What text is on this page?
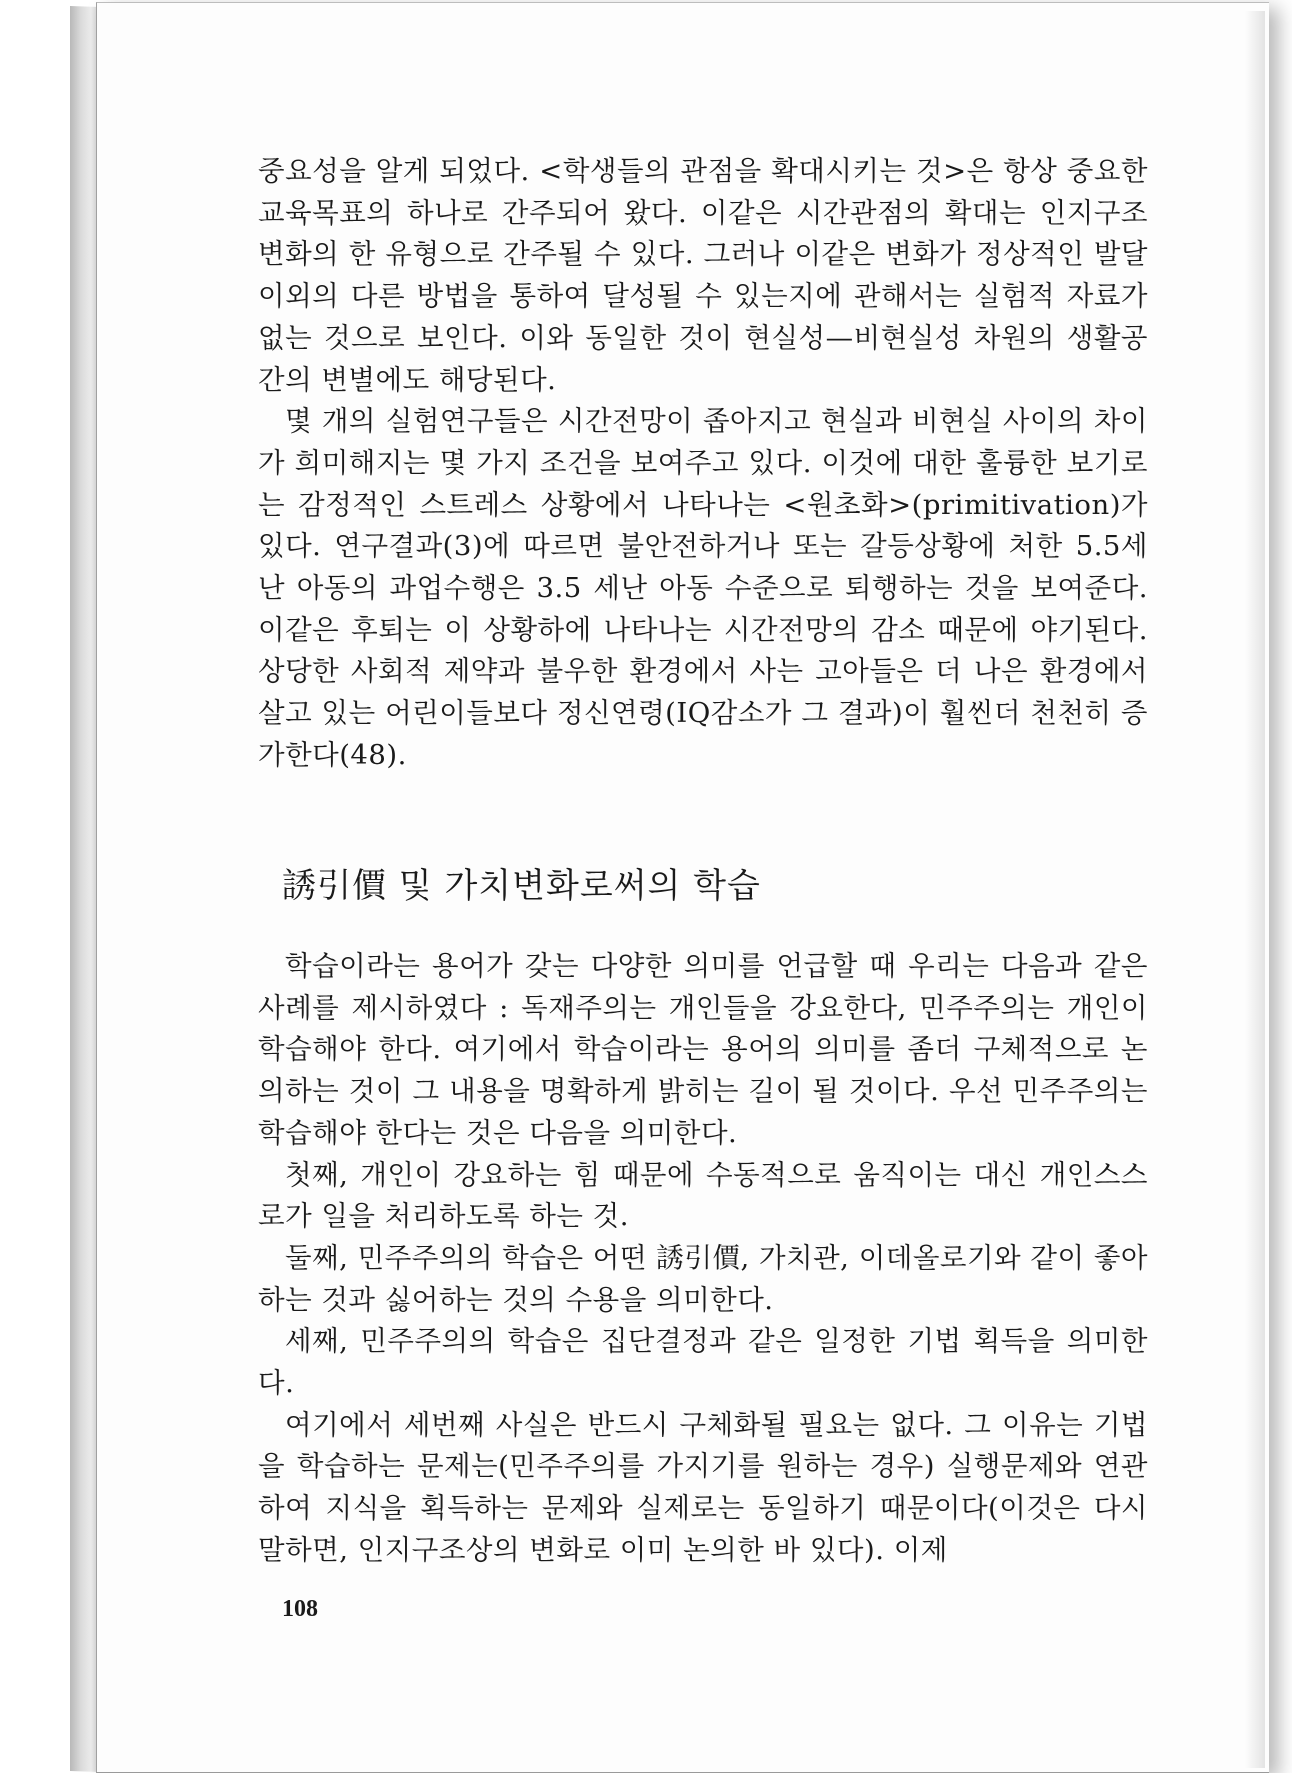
중요성을 알게 되었다. <학생들의 관점을 확대시키는 것>은 항상 중요한 교육목표의 하나로 간주되어 왔다. 이같은 시간관점의 확대는 인지구조 변화의 한 유형으로 간주될 수 있다. 그러나 이같은 변화가 정상적인 발달 이외의 다른 방법을 통하여 달성될 수 있는지에 관해서는 실험적 자료가 없는 것으로 보인다. 이와 동일한 것이 현실성—비현실성 차원의 생활공간의 변별에도 해당된다.

몇 개의 실험연구들은 시간전망이 좁아지고 현실과 비현실 사이의 차이가 희미해지는 몇 가지 조건을 보여주고 있다. 이것에 대한 훌륭한 보기로는 감정적인 스트레스 상황에서 나타나는 <원초화>(primitivation)가 있다. 연구결과(3)에 따르면 불안전하거나 또는 갈등상황에 처한 5.5세 난 아동의 과업수행은 3.5 세난 아동 수준으로 퇴행하는 것을 보여준다. 이같은 후퇴는 이 상황하에 나타나는 시간전망의 감소 때문에 야기된다. 상당한 사회적 제약과 불우한 환경에서 사는 고아들은 더 나은 환경에서 살고 있는 어린이들보다 정신연령(IQ감소가 그 결과)이 훨씬더 천천히 증가한다(48).

誘引價 및 가치변화로써의 학습

학습이라는 용어가 갖는 다양한 의미를 언급할 때 우리는 다음과 같은 사례를 제시하였다 : 독재주의는 개인들을 강요한다, 민주주의는 개인이 학습해야 한다. 여기에서 학습이라는 용어의 의미를 좀더 구체적으로 논의하는 것이 그 내용을 명확하게 밝히는 길이 될 것이다. 우선 민주주의는 학습해야 한다는 것은 다음을 의미한다.

첫째, 개인이 강요하는 힘 때문에 수동적으로 움직이는 대신 개인스스로가 일을 처리하도록 하는 것.

둘째, 민주주의의 학습은 어떤 誘引價, 가치관, 이데올로기와 같이 좋아하는 것과 싫어하는 것의 수용을 의미한다.

세째, 민주주의의 학습은 집단결정과 같은 일정한 기법 획득을 의미한다.

여기에서 세번째 사실은 반드시 구체화될 필요는 없다. 그 이유는 기법을 학습하는 문제는(민주주의를 가지기를 원하는 경우) 실행문제와 연관하여 지식을 획득하는 문제와 실제로는 동일하기 때문이다(이것은 다시 말하면, 인지구조상의 변화로 이미 논의한 바 있다). 이제

108
